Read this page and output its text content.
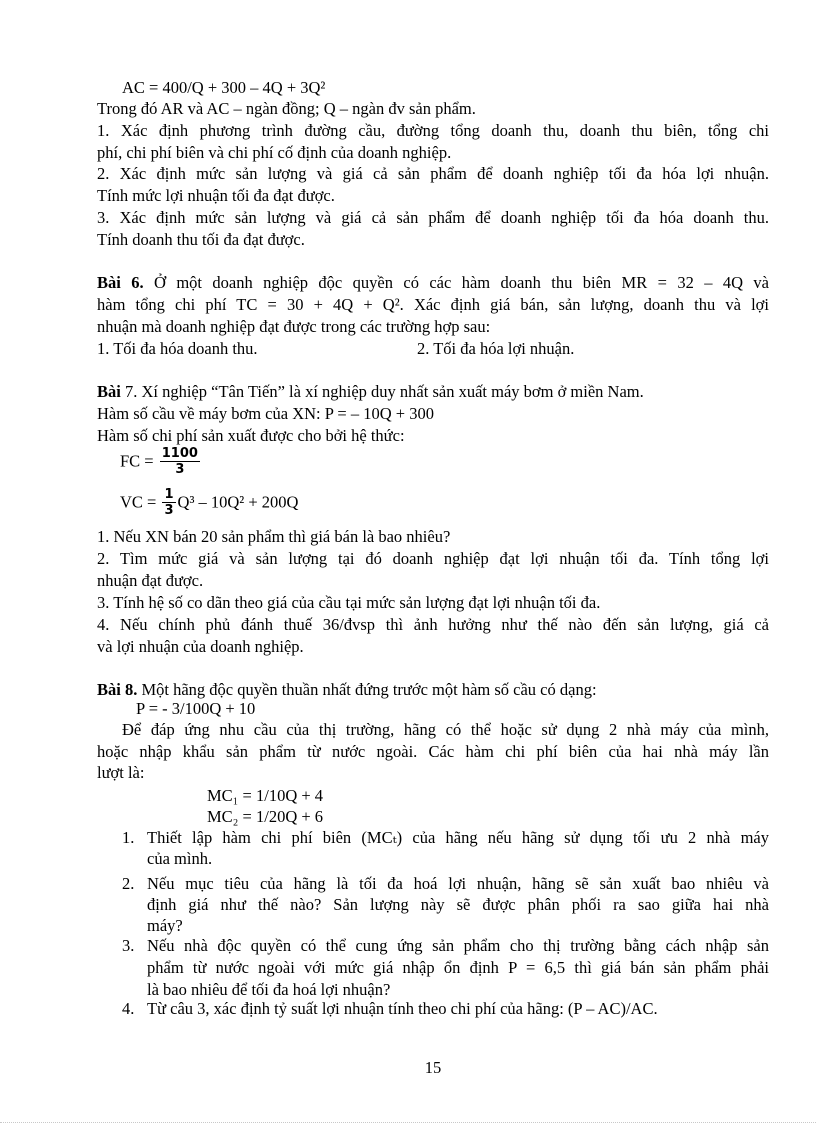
AC = 400/Q + 300 – 4Q + 3Q²
Trong đó AR và AC – ngàn đồng; Q – ngàn đv sản phẩm.
1. Xác định phương trình đường cầu, đường tổng doanh thu, doanh thu biên, tổng chi
phí, chi phí biên và chi phí cố định của doanh nghiệp.
2. Xác định mức sản lượng và giá cả sản phẩm để doanh nghiệp tối đa hóa lợi nhuận.
Tính mức lợi nhuận tối đa đạt được.
3. Xác định mức sản lượng và giá cả sản phẩm để doanh nghiệp tối đa hóa doanh thu.
Tính doanh thu tối đa đạt được.
Bài 6. Ở một doanh nghiệp độc quyền có các hàm doanh thu biên MR = 32 – 4Q và
hàm tổng chi phí TC = 30 + 4Q + Q². Xác định giá bán, sản lượng, doanh thu và lợi
nhuận mà doanh nghiệp đạt được trong các trường hợp sau:
1. Tối đa hóa doanh thu.	2. Tối đa hóa lợi nhuận.
Bài 7. Xí nghiệp “Tân Tiến” là xí nghiệp duy nhất sản xuất máy bơm ở miền Nam.
Hàm số cầu về máy bơm của XN: P = – 10Q + 300
Hàm số chi phí sản xuất được cho bởi hệ thức:
FC = $\frac{1100}{3}$
VC = $\frac{1}{3} Q^3 - 10Q^2 + 200Q$
1. Nếu XN bán 20 sản phẩm thì giá bán là bao nhiêu?
2. Tìm mức giá và sản lượng tại đó doanh nghiệp đạt lợi nhuận tối đa. Tính tổng lợi
nhuận đạt được.
3. Tính hệ số co dãn theo giá của cầu tại mức sản lượng đạt lợi nhuận tối đa.
4. Nếu chính phủ đánh thuế 36/đvsp thì ảnh hưởng như thế nào đến sản lượng, giá cả
và lợi nhuận của doanh nghiệp.
Bài 8. Một hãng độc quyền thuần nhất đứng trước một hàm số cầu có dạng:
P = - 3/100Q + 10
Để đáp ứng nhu cầu của thị trường, hãng có thể hoặc sử dụng 2 nhà máy của mình,
hoặc nhập khẩu sản phẩm từ nước ngoài. Các hàm chi phí biên của hai nhà máy lần
lượt là:
MC₁ = 1/10Q + 4
MC₂ = 1/20Q + 6
1. Thiết lập hàm chi phí biên (MCₜ) của hãng nếu hãng sử dụng tối ưu 2 nhà máy
của mình.
2. Nếu mục tiêu của hãng là tối đa hoá lợi nhuận, hãng sẽ sản xuất bao nhiêu và
định giá như thế nào? Sản lượng này sẽ được phân phối ra sao giữa hai nhà
máy?
3. Nếu nhà độc quyền có thể cung ứng sản phẩm cho thị trường bằng cách nhập sản
phẩm từ nước ngoài với mức giá nhập ổn định P = 6,5 thì giá bán sản phẩm phải
là bao nhiêu để tối đa hoá lợi nhuận?
4. Từ câu 3, xác định tỷ suất lợi nhuận tính theo chi phí của hãng: (P – AC)/AC.
15
